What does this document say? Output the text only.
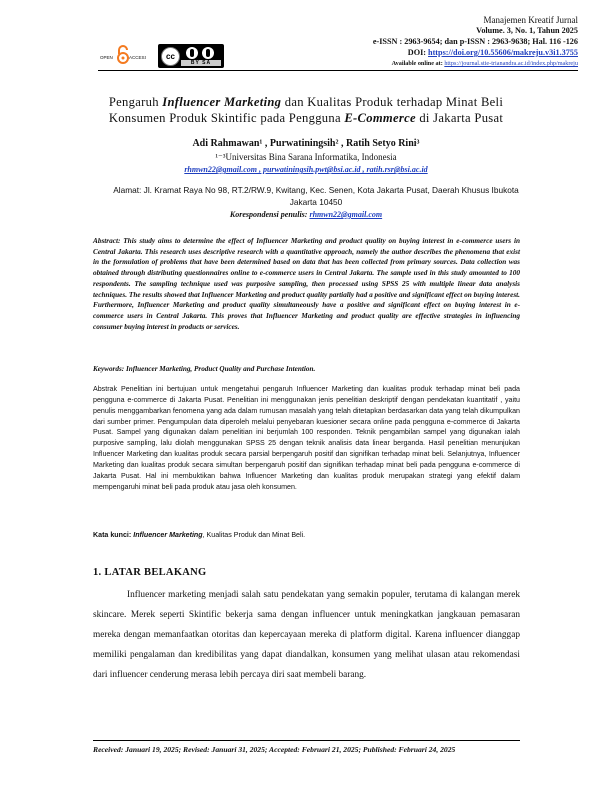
Manajemen Kreatif Jurnal
Volume. 3, No. 1, Tahun 2025
e-ISSN : 2963-9654; dan p-ISSN : 2963-9638; Hal. 116 -126
DOI: https://doi.org/10.55606/makreju.v3i1.3755
Available online at: https://journal.stie-trianandra.ac.id/index.php/makreju
OPEN	ACCESS	cc
BY SA
Pengaruh Influencer Marketing dan Kualitas Produk terhadap Minat Beli
Konsumen Produk Skintific pada Pengguna E-Commerce di Jakarta Pusat
Adi Rahmawan¹ , Purwatiningsih² , Ratih Setyo Rini³
¹⁻³Universitas Bina Sarana Informatika, Indonesia
rhmwn22@gmail.com , purwatiningsih.pwt@bsi.ac.id , ratih.rsr@bsi.ac.id
Alamat: Jl. Kramat Raya No 98, RT.2/RW.9, Kwitang, Kec. Senen, Kota Jakarta Pusat, Daerah Khusus Ibukota Jakarta 10450
Korespondensi penulis: rhmwn22@gmail.com
Abstract: This study aims to determine the effect of Influencer Marketing and product quality on buying interest in e-commerce users in Central Jakarta. This research uses descriptive research with a quantitative approach, namely the author describes the phenomena that exist in the formulation of problems that have been determined based on data that has been collected from primary sources. Data collection was obtained through distributing questionnaires online to e-commerce users in Central Jakarta. The sample used in this study amounted to 100 respondents. The sampling technique used was purposive sampling, then processed using SPSS 25 with multiple linear data analysis techniques. The results showed that Influencer Marketing and product quality partially had a positive and significant effect on buying interest. Furthermore, Influencer Marketing and product quality simultaneously have a positive and significant effect on buying interest in e-commerce users in Central Jakarta. This proves that Influencer Marketing and product quality are effective strategies in influencing consumer buying interest in products or services.
Keywords: Influencer Marketing, Product Quality and Purchase Intention.
Abstrak Penelitian ini bertujuan untuk mengetahui pengaruh Influencer Marketing dan kualitas produk terhadap minat beli pada pengguna e-commerce di Jakarta Pusat. Penelitian ini menggunakan jenis penelitian deskriptif dengan pendekatan kuantitatif , yaitu penulis menggambarkan fenomena yang ada dalam rumusan masalah yang telah ditetapkan berdasarkan data yang telah dikumpulkan dari sumber primer. Pengumpulan data diperoleh melalui penyebaran kuesioner secara online pada pengguna e-commerce di Jakarta Pusat. Sampel yang digunakan dalam penelitian ini berjumlah 100 responden. Teknik pengambilan sampel yang digunakan ialah purposive sampling, lalu diolah menggunakan SPSS 25 dengan teknik analisis data linear berganda. Hasil penelitian menunjukan Influencer Marketing dan kualitas produk secara parsial berpengaruh positif dan signifikan terhadap minat beli. Selanjutnya, Influencer Marketing dan kualitas produk secara simultan berpengaruh positif dan signifikan terhadap minat beli pada pengguna e-commerce di Jakarta Pusat. Hal ini membuktikan bahwa Influencer Marketing dan kualitas produk merupakan strategi yang efektif dalam mempengaruhi minat beli pada produk atau jasa oleh konsumen.
Kata kunci: Influencer Marketing, Kualitas Produk dan Minat Beli.
1. LATAR BELAKANG
Influencer marketing menjadi salah satu pendekatan yang semakin populer, terutama di kalangan merek skincare. Merek seperti Skintific bekerja sama dengan influencer untuk meningkatkan jangkauan pemasaran mereka dengan memanfaatkan otoritas dan kepercayaan mereka di platform digital. Karena influencer dianggap memiliki pengalaman dan kredibilitas yang dapat diandalkan, konsumen yang melihat ulasan atau rekomendasi dari influencer cenderung merasa lebih percaya diri saat membeli barang.
Received: Januari 19, 2025; Revised: Januari 31, 2025; Accepted: Februari 21, 2025; Published: Februari 24, 2025
